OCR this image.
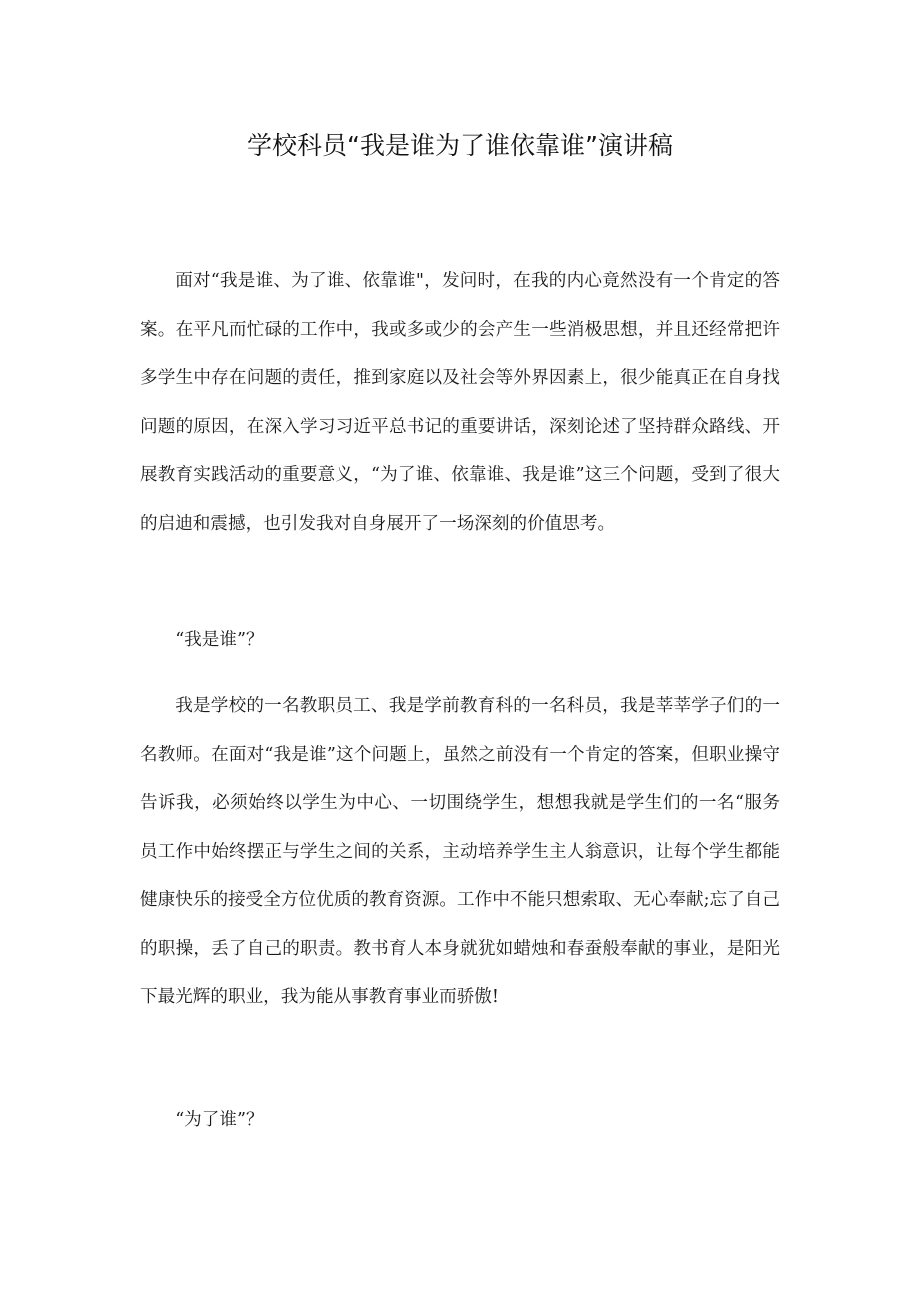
学校科员“我是谁为了谁依靠谁”演讲稿

面对“我是谁、为了谁、依靠谁"，发问时，在我的内心竟然没有一个肯定的答案。在平凡而忙碌的工作中，我或多或少的会产生一些消极思想，并且还经常把许多学生中存在问题的责任，推到家庭以及社会等外界因素上，很少能真正在自身找问题的原因，在深入学习习近平总书记的重要讲话，深刻论述了坚持群众路线、开展教育实践活动的重要意义，“为了谁、依靠谁、我是谁”这三个问题，受到了很大的启迪和震撼，也引发我对自身展开了一场深刻的价值思考。

“我是谁”？

我是学校的一名教职员工、我是学前教育科的一名科员，我是莘莘学子们的一名教师。在面对“我是谁”这个问题上，虽然之前没有一个肯定的答案，但职业操守告诉我，必须始终以学生为中心、一切围绕学生，想想我就是学生们的一名“服务员工作中始终摆正与学生之间的关系，主动培养学生主人翁意识，让每个学生都能健康快乐的接受全方位优质的教育资源。工作中不能只想索取、无心奉献;忘了自己的职操，丢了自己的职责。教书育人本身就犹如蜡烛和春蚕般奉献的事业，是阳光下最光辉的职业，我为能从事教育事业而骄傲!

“为了谁”？
